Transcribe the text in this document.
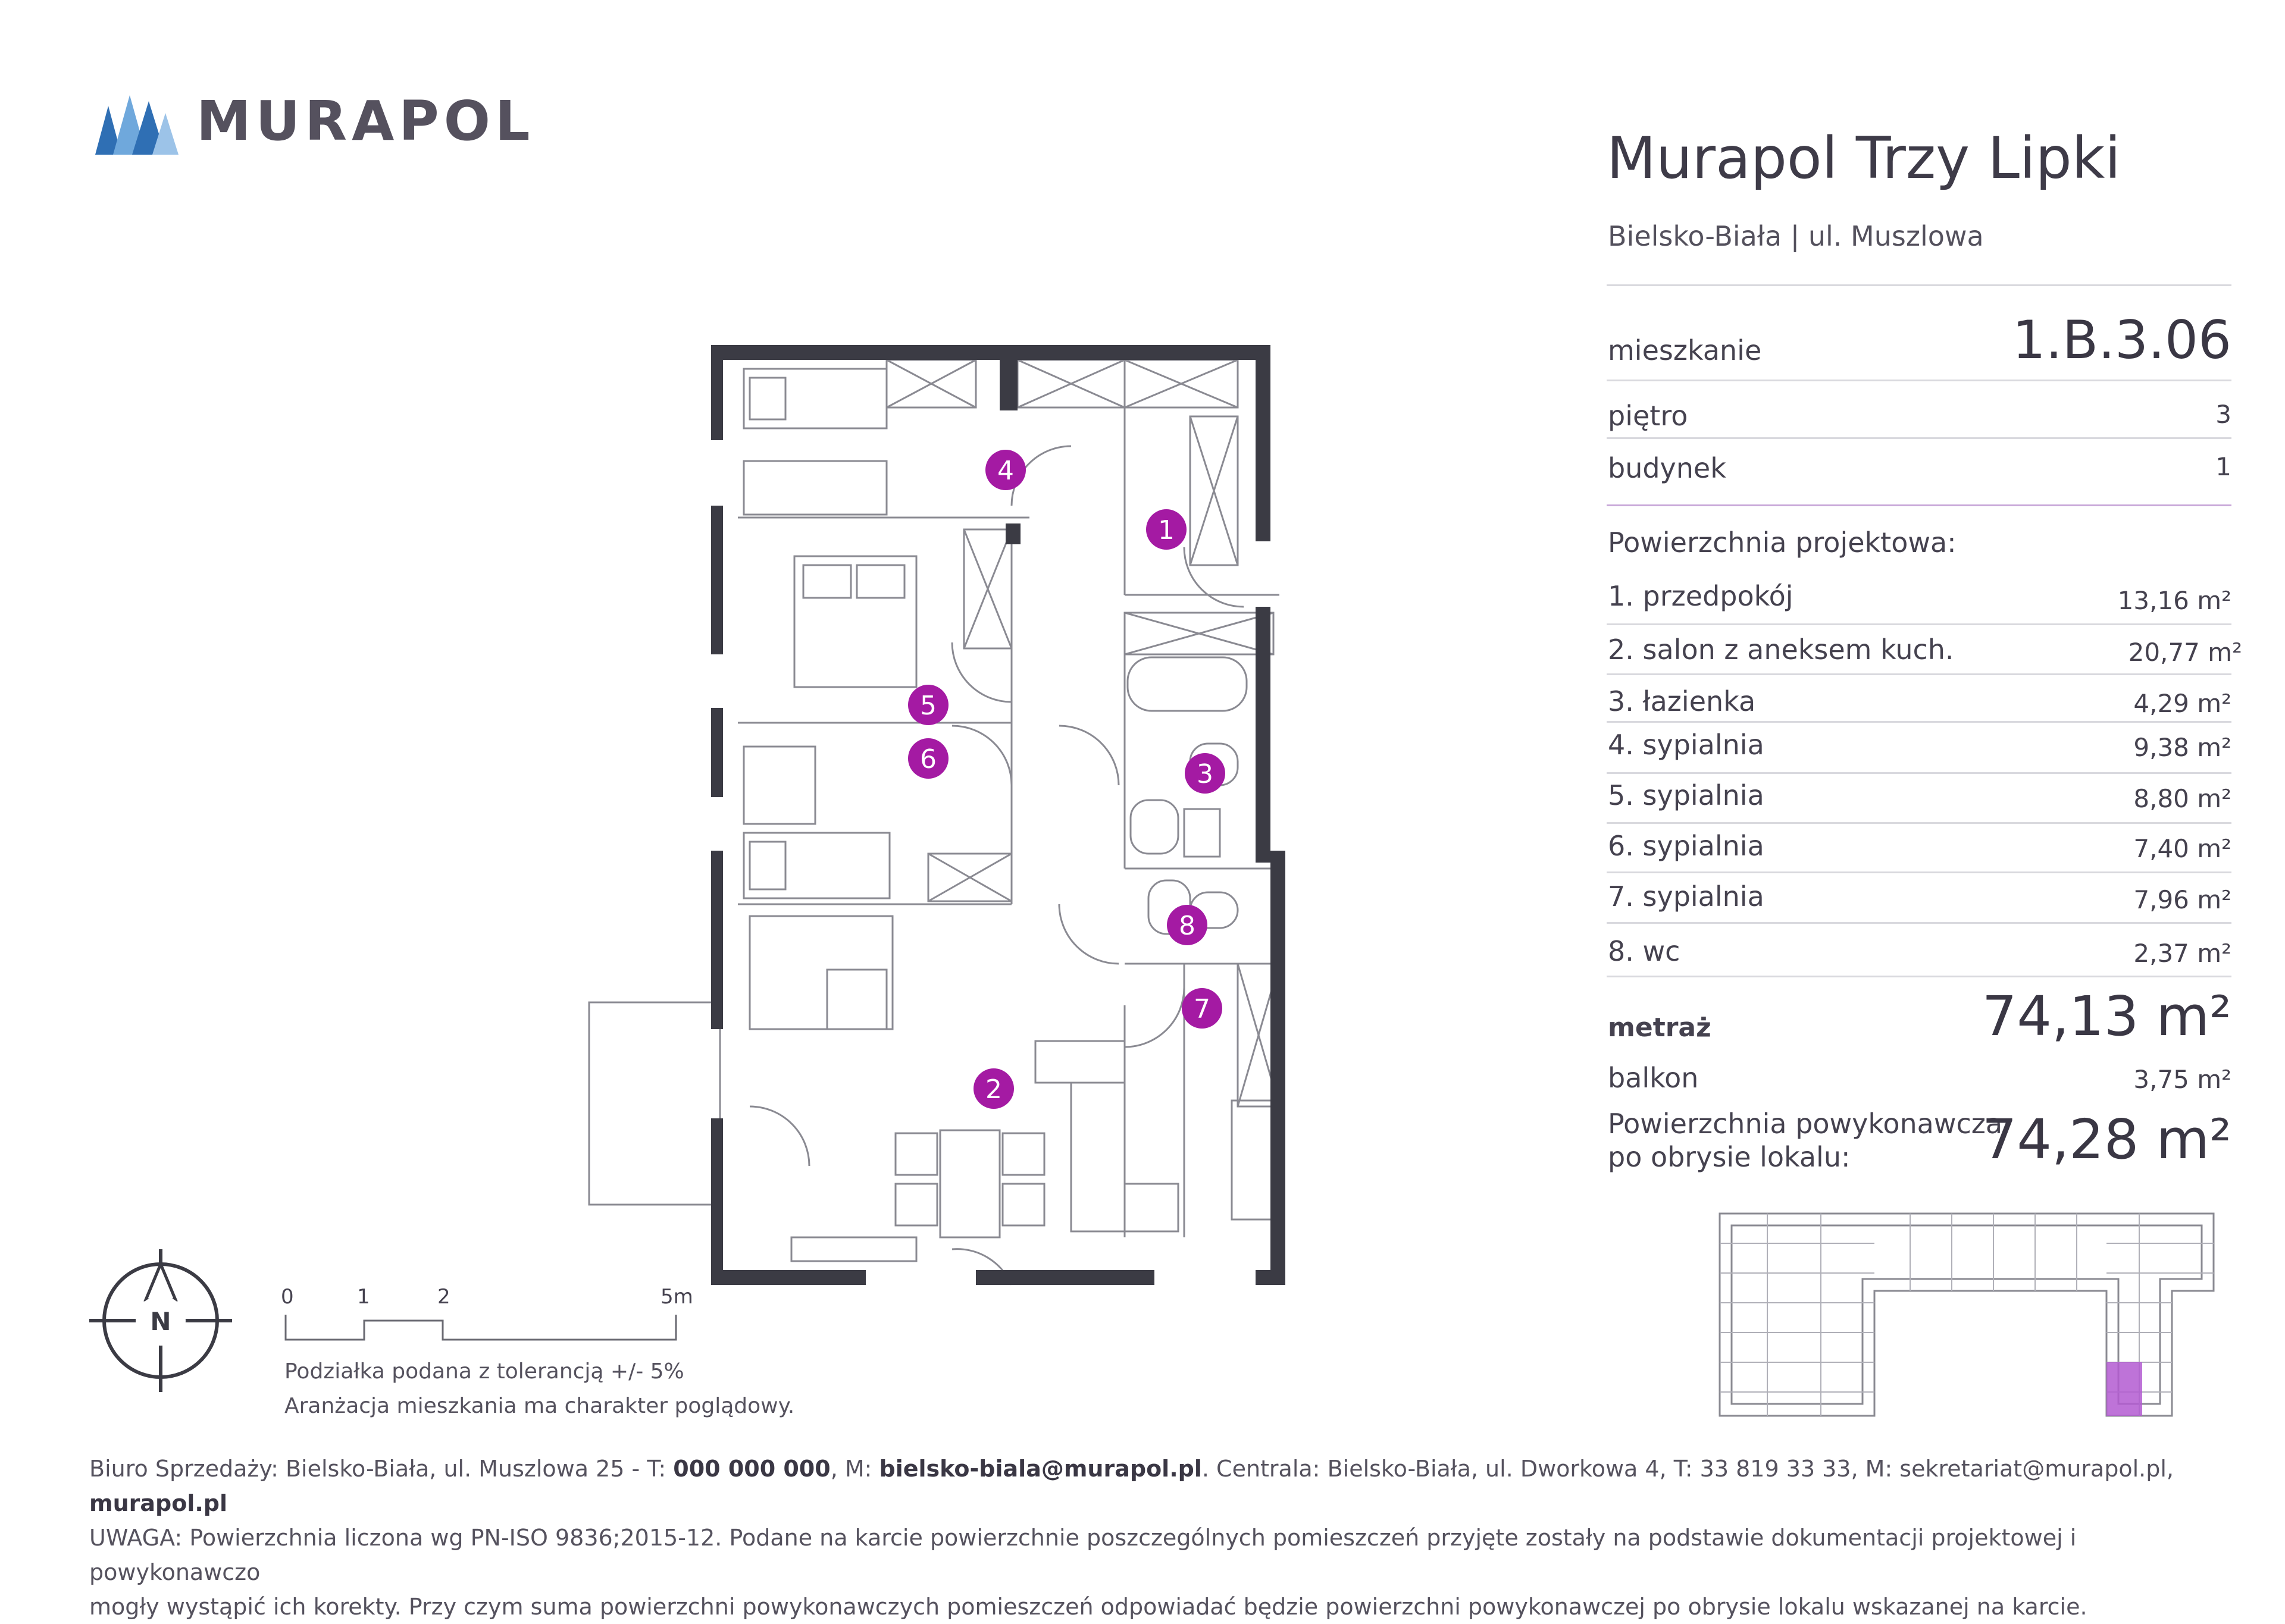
MURAPOL
Murapol Trzy Lipki
Bielsko-Biała | ul. Muszlowa
mieszkanie	1.B.3.06
piętro	3
budynek	1
Powierzchnia projektowa:
1. przedpokój	13,16 m²
2. salon z aneksem kuch.	20,77 m²
3. łazienka	4,29 m²
4. sypialnia	9,38 m²
5. sypialnia	8,80 m²
6. sypialnia	7,40 m²
7. sypialnia	7,96 m²
8. wc	2,37 m²
metraż	74,13 m²
balkon	3,75 m²
Powierzchnia powykonawcza
po obrysie lokalu: 74,28 m²
1
2
3
4
5
6
7
8
N
0	1	2	5m
Podziałka podana z tolerancją +/- 5%
Aranżacja mieszkania ma charakter poglądowy.
Biuro Sprzedaży: Bielsko-Biała, ul. Muszlowa 25 - T: 000 000 000, M: bielsko-biala@murapol.pl. Centrala: Bielsko-Biała, ul. Dworkowa 4, T: 33 819 33 33, M: sekretariat@murapol.pl, murapol.pl
UWAGA: Powierzchnia liczona wg PN-ISO 9836;2015-12. Podane na karcie powierzchnie poszczególnych pomieszczeń przyjęte zostały na podstawie dokumentacji projektowej i powykonawczo
mogły wystąpić ich korekty. Przy czym suma powierzchni powykonawczych pomieszczeń odpowiadać będzie powierzchni powykonawczej po obrysie lokalu wskazanej na karcie.
